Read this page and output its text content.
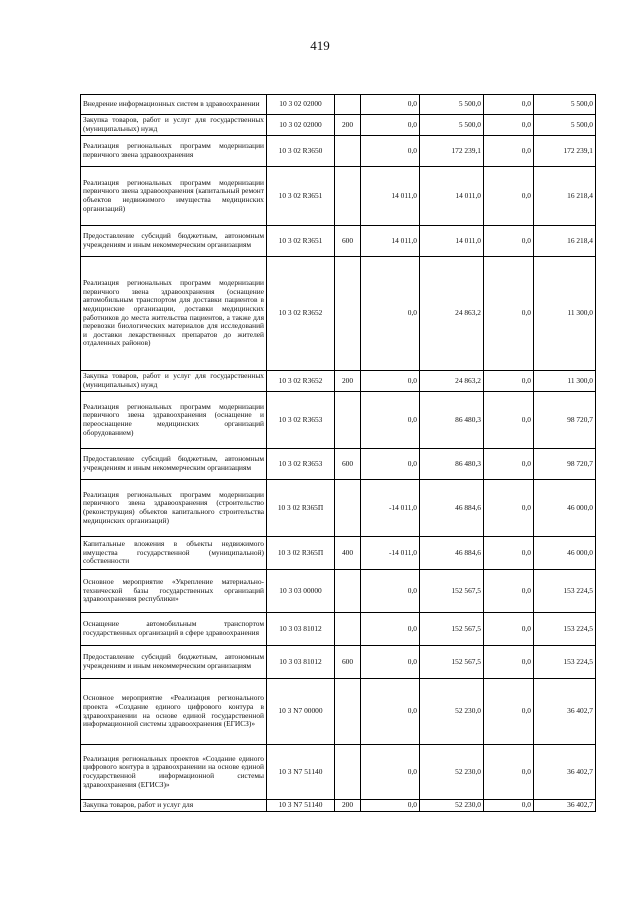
419
Внедрение информационных систем в здравоохранении	10 3 02 02000		0,0	5 500,0	0,0	5 500,0
Закупка товаров, работ и услуг для государственных (муниципальных) нужд	10 3 02 02000	200	0,0	5 500,0	0,0	5 500,0
Реализация региональных программ модернизации первичного звена здравоохранения	10 3 02 R3650		0,0	172 239,1	0,0	172 239,1
Реализация региональных программ модернизации первичного звена здравоохранения (капитальный ремонт объектов недвижимого имущества медицинских организаций)	10 3 02 R3651		14 011,0	14 011,0	0,0	16 218,4
Предоставление субсидий бюджетным, автономным учреждениям и иным некоммерческим организациям	10 3 02 R3651	600	14 011,0	14 011,0	0,0	16 218,4
Реализация региональных программ модернизации первичного звена здравоохранения (оснащение автомобильным транспортом для доставки пациентов в медицинские организации, доставки медицинских работников до места жительства пациентов, а также для перевозки биологических материалов для исследований и доставки лекарственных препаратов до жителей отдаленных районов)	10 3 02 R3652		0,0	24 863,2	0,0	11 300,0
Закупка товаров, работ и услуг для государственных (муниципальных) нужд	10 3 02 R3652	200	0,0	24 863,2	0,0	11 300,0
Реализация региональных программ модернизации первичного звена здравоохранения (оснащение и переоснащение медицинских организаций оборудованием)	10 3 02 R3653		0,0	86 480,3	0,0	98 720,7
Предоставление субсидий бюджетным, автономным учреждениям и иным некоммерческим организациям	10 3 02 R3653	600	0,0	86 480,3	0,0	98 720,7
Реализация региональных программ модернизации первичного звена здравоохранения (строительство (реконструкция) объектов капитального строительства медицинских организаций)	10 3 02 R365П		-14 011,0	46 884,6	0,0	46 000,0
Капитальные вложения в объекты недвижимого имущества государственной (муниципальной) собственности	10 3 02 R365П	400	-14 011,0	46 884,6	0,0	46 000,0
Основное мероприятие «Укрепление материально-технической базы государственных организаций здравоохранения республики»	10 3 03 00000		0,0	152 567,5	0,0	153 224,5
Оснащение автомобильным транспортом государственных организаций в сфере здравоохранения	10 3 03 81012		0,0	152 567,5	0,0	153 224,5
Предоставление субсидий бюджетным, автономным учреждениям и иным некоммерческим организациям	10 3 03 81012	600	0,0	152 567,5	0,0	153 224,5
Основное мероприятие «Реализация регионального проекта «Создание единого цифрового контура в здравоохранении на основе единой государственной информационной системы здравоохранения (ЕГИСЗ)»	10 3 N7 00000		0,0	52 230,0	0,0	36 402,7
Реализация региональных проектов «Создание единого цифрового контура в здравоохранении на основе единой государственной информационной системы здравоохранения (ЕГИСЗ)»	10 3 N7 51140		0,0	52 230,0	0,0	36 402,7
Закупка товаров, работ и услуг для	10 3 N7 51140	200	0,0	52 230,0	0,0	36 402,7
